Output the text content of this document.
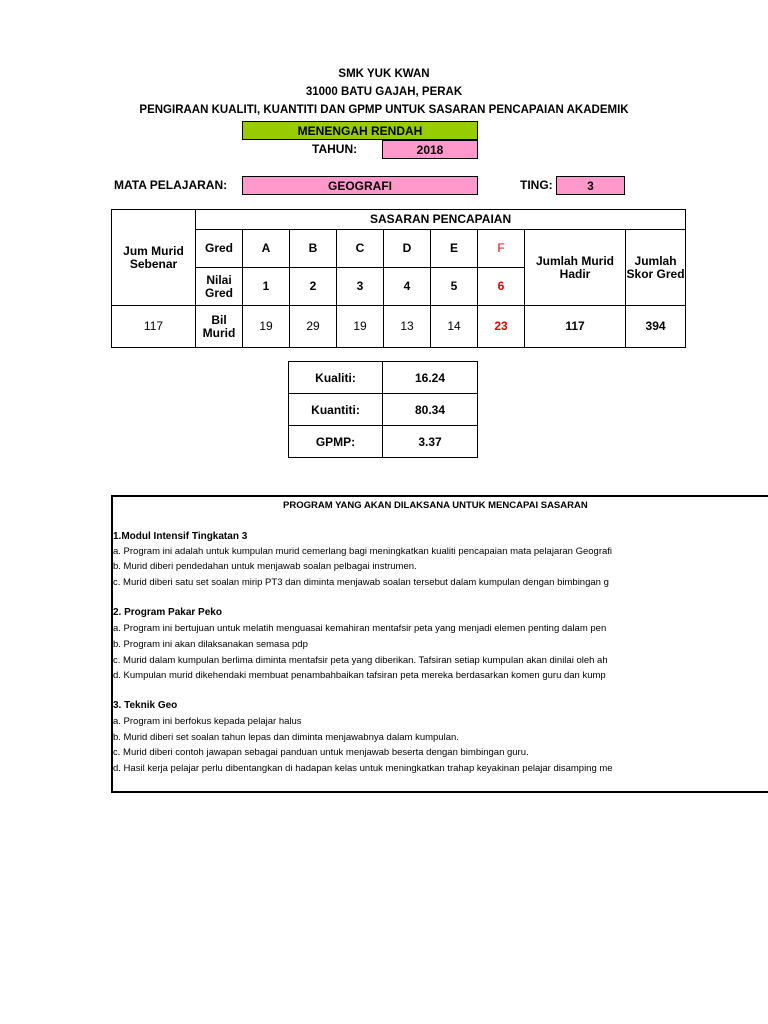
SMK YUK KWAN
31000 BATU GAJAH, PERAK
PENGIRAAN KUALITI, KUANTITI DAN GPMP UNTUK SASARAN PENCAPAIAN AKADEMIK
MENENGAH RENDAH
TAHUN:	2018
MATA PELAJARAN:	GEOGRAFI	TING:	3
Jum Murid Sebenar	SASARAN PENCAPAIAN								
	Gred	A	B	C	D	E	F	Jumlah Murid Hadir	Jumlah Skor Gred
	Nilai Gred	1	2	3	4	5	6		
117	Bil Murid	19	29	19	13	14	23	117	394
Kualiti:	16.24
Kuantiti:	80.34
GPMP:	3.37
PROGRAM YANG AKAN DILAKSANA UNTUK MENCAPAI SASARAN
1.Modul Intensif Tingkatan 3
a. Program ini adalah untuk kumpulan murid cemerlang bagi meningkatkan kualiti pencapaian mata pelajaran Geografi
b. Murid diberi pendedahan untuk menjawab soalan pelbagai instrumen.
c. Murid diberi satu set soalan mirip PT3 dan diminta menjawab soalan tersebut dalam kumpulan dengan bimbingan g
2. Program Pakar Peko
a. Program ini bertujuan untuk melatih menguasai kemahiran mentafsir peta yang menjadi elemen penting dalam pen
b. Program ini akan dilaksanakan semasa pdp
c. Murid dalam kumpulan berlima diminta mentafsir peta yang diberikan. Tafsiran setiap kumpulan akan dinilai oleh ah
d. Kumpulan murid dikehendaki membuat penambahbaikan tafsiran peta mereka berdasarkan komen guru dan kump
3. Teknik Geo
a. Program ini berfokus kepada pelajar halus
b. Murid diberi set soalan tahun lepas dan diminta menjawabnya dalam kumpulan.
c. Murid diberi contoh jawapan sebagai panduan untuk menjawab beserta dengan bimbingan guru.
d. Hasil kerja pelajar perlu dibentangkan di hadapan kelas untuk meningkatkan trahap keyakinan pelajar disamping me
